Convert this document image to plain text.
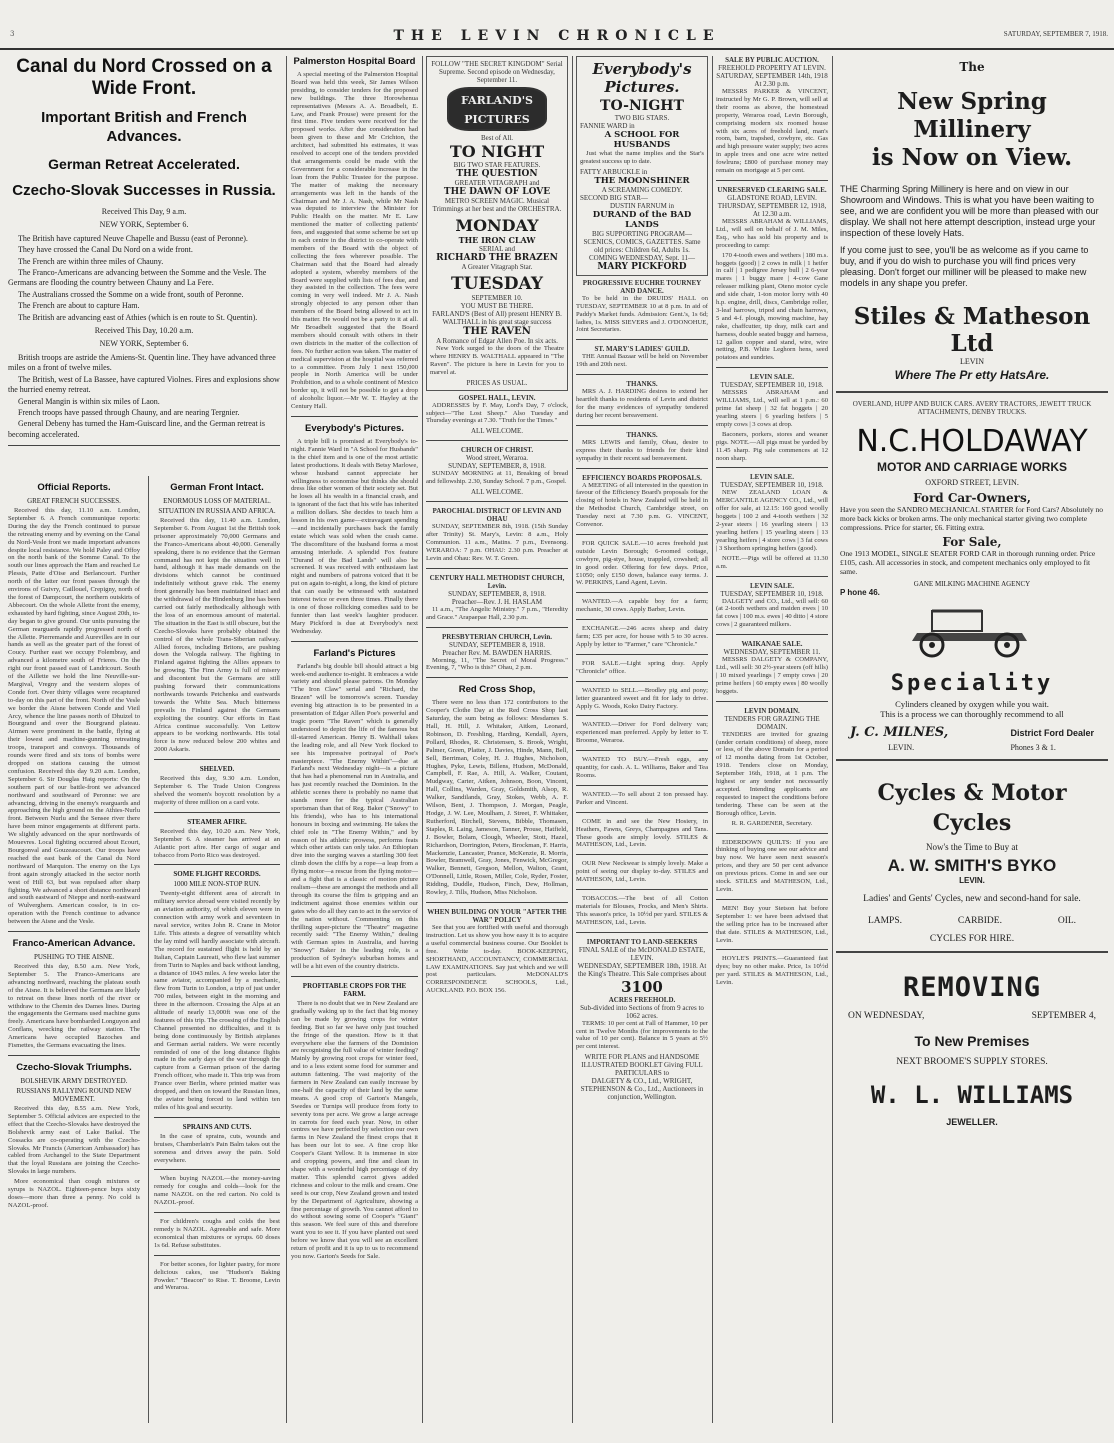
3	THE LEVIN CHRONICLE	SATURDAY, SEPTEMBER 7, 1918.
Canal du Nord Crossed on a Wide Front.
Important British and French Advances.
German Retreat Accelerated.
Czecho-Slovak Successes in Russia.

Received This Day, 9 a.m.

NEW YORK, September 6.

The British have captured Neuve Chapelle and Bussu (east of Peronne).

They have crossed the Canal Du Nord on a wide front.

The French are within three miles of Chauny.

The Franco-Americans are advancing between the Somme and the Vesle. The Germans are flooding the country between Chauny and La Fere.

The Australians crossed the Somme on a wide front, south of Peronne.

The French are about to capture Ham.

The British are advancing east of Athies (which is en route to St. Quentin).

Received This Day, 10.20 a.m.

NEW YORK, September 6.

British troops are astride the Amiens-St. Quentin line. They have advanced three miles on a front of twelve miles.

The British, west of La Bassee, have captured Violnes. Fires and explosions show the hurried enemy retreat.

General Mangin is within six miles of Laon.

French troops have passed through Chauny, and are nearing Tergnier.

General Debeny has turned the Ham-Guiscard line, and the German retreat is becoming accelerated.

Official Reports.
GREAT FRENCH SUCCESSES.

Received this day, 11.10 a.m. London, September 6. A French communique reports: During the day the French continued to pursue the retreating enemy and by evening on the Canal du Nord-Vesle front we made important advances despite local resistance. We hold Paley and Offoy on the north bank of the Somme Canal. To the south our lines approach the Ham and reached Le Plessis, Patte d'Oise and Berlancourt. Further north of the latter our front passes through the environs of Guivry, Caillouel, Crepigny, north of the forest of Dampcourt, the northern outskirts of Abbecourt. On the whole Allette front the enemy, exhausted by hard fighting, since August 20th, to-day began to give ground. Our units pursuing the German rearguards rapidly progressed north of the Allette. Pierremande and Aurevilles are in our hands as well as the greater part of the forest of Coucy. Further east we occupy Folembray, and advanced a kilometre south of Frieres. On the right our front passed east of Landricourt. South of the Aillette we hold the line Neuville-sur-Margival, Vregny and the western slopes of Conde fort. Over thirty villages were recaptured to-day on this part of the front. North of the Vesle we border the Aisne between Conde and Vieil Arcy, whence the line passes north of Dhuizel to Bourgrand and over the Bourgrand plateau. Airmen were prominent in the battle, flying at their lowest and machine-gunning retreating troops, transport and convoys. Thousands of rounds were fired and six tons of bombs were dropped on stations causing the utmost confusion. Received this day 9.20 a.m. London, September 6. Sir Douglas Haig reports: On the southern part of our battle-front we advanced northward and southward of Peronne: we are advancing, driving in the enemy's rearguards and approaching the high ground on the Athies-Nurlu front. Between Nurlu and the Sensee river there have been minor engagements at different parts. We slightly advanced on the spur northwards of Mouevres. Local fighting occurred about Ecourt, Bourgonval and Gouzeaucourt. Our troops have reached the east bank of the Canal du Nord northward of Marquion. The enemy on the Lys front again strongly attacked in the sector north west of Hill 63, but was repulsed after sharp fighting. We advanced a short distance northward and south eastward of Nieppe and north-eastward of Wulverghem. American cosslor, is in co-operation with the French continue to advance between the Aisne and the Vesle.

Franco-American Advance.
PUSHING TO THE AISNE.

Received this day, 8.50 a.m. New York, September 5. The Franco-Americans are advancing northward, reaching the plateau south of the Aisne. It is believed the Germans are likely to retreat on these lines north of the river or withdraw to the Chemin des Dames lines. During the engagements the Germans used machine guns freely. Americans have bombarded Longuyon and Conflans, wrecking the railway station. The Americans have occupied Bazoches and Fismettes, the Germans evacuating the lines.

Czecho-Slovak Triumphs.
BOLSHEVIK ARMY DESTROYED.
RUSSIANS RALLYING ROUND NEW MOVEMENT.

Received this day, 8.55 a.m. New York, September 5. Official advices are expected to the effect that the Czecho-Slovaks have destroyed the Bolshevik army east of Lake Baikal. The Cossacks are co-operating with the Czecho-Slovaks. Mr Francis (American Ambassador) has cabled from Archangel to the State Department that the loyal Russians are joining the Czecho-Slovaks in large numbers.

More economical than cough mixtures or syrups is NAZOL. Eighteen-pence buys sixty doses—more than three a penny. No cold is NAZOL-proof.

German Front Intact.
ENORMOUS LOSS OF MATERIAL.
SITUATION IN RUSSIA AND AFRICA.

Received this day, 11.40 a.m. London, September 6. From August 1st the British took prisoner approximately 70,000 Germans and the Franco-Americans about 40,000. Generally speaking, there is no evidence that the German command has not kept the situation well in hand, although it has made demands on the divisions which cannot be continued indefinitely without grave risk. The enemy front generally has been maintained intact and the withdrawal of the Hindenburg line has been carried out fairly methodically although with the loss of an enormous amount of material. The situation in the East is still obscure, but the Czecho-Slovaks have probably obtained the control of the whole Trans-Siberian railway. Allied forces, including Britons, are pushing down the Vologda railway. The fighting in Finland against fighting the Allies appears to be growing. The Finn Army is full of misery and discontent but the Germans are still pushing forward their communications northwards towards Petchenka and eastwards towards the White Sea. Much bitterness prevails in Finland against the Germans exploiting the country. Our efforts in East Africa continue successfully. Von Lettow appears to be working northwards. His total force is now reduced below 200 whites and 2000 Askaris.

SHELVED.

Received this day, 9.30 a.m. London, September 6. The Trade Union Congress shelved the women's boycott resolution by a majority of three million on a card vote.

STEAMER AFIRE.

Received this day, 10.20 a.m. New York, September 6. A steamer has arrived at an Atlantic port afire. Her cargo of sugar and tobacco from Porto Rico was destroyed.

SOME FLIGHT RECORDS.
1000 MILE NON-STOP RUN.

Twenty-eight different area of aircraft in military service abroad were visited recently by an aviation authority, of which eleven were in connection with army work and seventeen in naval service, writes John R. Crane in Motor Life. This attests a degree of versatility which the lay mind will hardly associate with aircraft. The record for sustained flight is held by an Italian, Captain Laureati, who flew last summer from Turin to Naples and back without landing, a distance of 1043 miles. A few weeks later the same aviator, accompanied by a mechanic, flew from Turin to London, a trip of just under 700 miles, between eight in the morning and three in the afternoon. Crossing the Alps at an altitude of nearly 13,000ft was one of the features of this trip. The crossing of the English Channel presented no difficulties, and it is being done continuously by British airplanes and German aerial raiders. We were recently reminded of one of the long distance flights made in the early days of the war through the capture from a German prison of the daring French officer, who made it. This trip was from France over Berlin, where printed matter was dropped, and then on toward the Russian lines, the aviator being forced to land within ten miles of his goal and security.

SPRAINS AND CUTS.

In the case of sprains, cuts, wounds and bruises, Chamberlain's Pain Balm takes out the soreness and drives away the pain. Sold everywhere.

When buying NAZOL—the money-saving remedy for coughs and colds—look for the name NAZOL on the red carton. No cold is NAZOL-proof.

For children's coughs and colds the best remedy is NAZOL. Agreeable and safe. More economical than mixtures or syrups. 60 doses 1s 6d. Refuse substitutes.

For better scones, for lighter pastry, for more delicious cakes, use "Hudson's Baking Powder." "Beacon" to Rise. T. Broome, Levin and Weraroa.

Palmerston Hospital Board

A special meeting of the Palmerston Hospital Board was held this week, Sir James Wilson presiding, to consider tenders for the proposed new buildings. The three Horowhenua representatives (Messrs A. A. Broadbelt, E. Law, and Frank Prouse) were present for the first time. Five tenders were received for the proposed works. After due consideration had been given to these and Mr Crichton, the architect, had submitted his estimates, it was resolved to accept one of the tenders provided that arrangements could be made with the Government for a considerable increase in the loan from the Public Trustee for the purpose. The matter of making the necessary arrangements was left in the hands of the Chairman and Mr J. A. Nash, while Mr Nash was deputed to interview the Minister for Public Health on the matter. Mr E. Law mentioned the matter of collecting patients' fees, and suggested that some scheme be set up in each centre in the district to co-operate with members of the Board with the object of collecting the fees wherever possible. The Chairman said that the Board had already adopted a system, whereby members of the Board were supplied with lists of fees due, and they assisted in the collection. The fees were coming in very well indeed. Mr J. A. Nash strongly objected to any person other than members of the Board being allowed to act in this matter. He would not be a party to it at all. Mr Broadbelt suggested that the Board members should consult with others in their own districts in the matter of the collection of fees. No further action was taken. The matter of medical supervision at the hospital was referred to a committee. From July 1 next 150,000 people in North America will be under Prohibition, and to a whole continent of Mexico border up, it will not be possible to get a drop of alcoholic liquor.—Mr W. T. Hayley at the Century Hall.

Everybody's Pictures.

A triple bill is promised at Everybody's to-night. Fannie Ward in "A School for Husbands" is the chief item and is one of the most artistic latest productions. It deals with Betsy Marlowe, whose husband cannot appreciate her willingness to economise but thinks she should dress like other women of their society set. But he loses all his wealth in a financial crash, and is ignorant of the fact that his wife has inherited a million dollars. She decides to teach him a lesson in his own game—extravagant spending—and incidentally purchases back the family estate which was sold when the crash came. The discomfiture of the husband forms a most amusing interlude. A splendid Fox feature "Durand of the Bad Lands" will also be screened. It was received with enthusiasm last night and numbers of patrons voiced that it be put on again to-night, a long, the kind of picture that can easily be witnessed with sustained interest twice or even three times. Finally there is one of those rollicking comedies said to be funnier than last week's laughter producer. Mary Pickford is due at Everybody's next Wednesday.

Farland's Pictures

Farland's big double bill should attract a big week-end audience to-night. It embraces a wide variety and should please patrons. On Monday "The Iron Claw" serial and "Richard, the Brazen" will be tomorrow's screen. Tuesday evening big attraction is to be presented in a presentation of Edgar Allen Poe's powerful and tragic poem "The Raven" which is generally understood to depict the life of the famous but ill-starred American. Henry B. Walthall takes the leading role, and all New York flocked to see his impressive portrayal of Poe's masterpiece. "The Enemy Within"—due at Farland's next Wednesday night—is a picture that has had a phenomenal run in Australia, and has just recently reached the Dominion. In the athletic scenes there is probably no name that stands more for the typical Australian sportsman than that of Reg. Baker ("Snowy" to his friends), who has to his international honours in boxing and swimming. He takes the chief role in "The Enemy Within," and by reason of his athletic prowess, performs feats which other artists can only take. An Ethiopian dive into the surging waves a startling 300 feet climb down the cliffs by a rope—a leap from a flying motor—a rescue from the flying motor—and a fight that is a classic of motion picture realism—these are amongst the methods and all through its course the film is gripping and an indictment against those enemies within our gates who do all they can to act in the service of the nation without. Commenting on this thrilling super-picture the "Theatre" magazine recently said: "The Enemy Within," dealing with German spies in Australia, and having "Snowy" Baker in the leading role, is a production of Sydney's suburban homes and will be a hit even of the country districts.

PROFITABLE CROPS FOR THE FARM.

There is no doubt that we in New Zealand are gradually waking up to the fact that big money can be made by growing crops for winter feeding. But so far we have only just touched the fringe of the question. How is it that everywhere else the farmers of the Dominion are recognising the full value of winter feeding? Mainly by growing root crops for winter feed, and to a less extent some food for summer and autumn fattening. The vast majority of the farmers in New Zealand can easily increase by one-half the capacity of their land by the same means. A good crop of Garton's Mangels, Swedes or Turnips will produce from forty to seventy tons per acre. We grow a large acreage in carrots for feed each year. Now, in other centres we have perfected by selection our own farms in New Zealand the finest crops that it has been our lot to see. A fine crop like Cooper's Giant Yellow. It is immense in size and cropping powers, and fine and clean in shape with a wonderful high percentage of dry matter. This splendid carrot gives added richness and colour to the milk and cream. One seed is our crop, New Zealand grown and tested by the Department of Agriculture, showing a fine percentage of growth. You cannot afford to do without sowing some of Cooper's "Giant" this season. We feel sure of this and therefore want you to see it. If you have planted out seed before we know that you will see an excellent return of profit and it is up to us to recommend you now. Garton's Seeds for Sale.

FOLLOW "THE SECRET KINGDOM" Serial Supreme. Second episode on Wednesday, September 11.
FARLAND'S
PICTURES
Best of All.
TO NIGHT
BIG TWO STAR FEATURES.
THE QUESTION
GREATER VITAGRAPH and
THE DAWN OF LOVE
METRO SCREEN MAGIC. Musical Trimmings at her best and the ORCHESTRA.
MONDAY
THE IRON CLAW
SERIAL and
RICHARD THE BRAZEN
A Greater Vitagraph Star.
TUESDAY
SEPTEMBER 10.
YOU MUST BE THERE.
FARLAND'S (Best of All) present HENRY B. WALTHALL in his great stage success
THE RAVEN
A Romance of Edgar Allen Poe. In six acts.

New York surged to the doors of the Theatre where HENRY B. WALTHALL appeared in "The Raven". The picture is here in Levin for you to marvel at.

PRICES AS USUAL.
GOSPEL HALL, LEVIN.

ADDRESSES by F. May, Lord's Day, 7 o'clock, subject—"The Lost Sheep." Also Tuesday and Thursday evenings at 7.30. "Truth for the Times."

ALL WELCOME.
CHURCH OF CHRIST.
Wood street, Weraroa.
SUNDAY, SEPTEMBER, 8, 1918.

SUNDAY MORNING at 11, Breaking of bread and fellowship. 2.30, Sunday School. 7 p.m., Gospel.

ALL WELCOME.
PAROCHIAL DISTRICT OF LEVIN AND OHAU

SUNDAY, SEPTEMBER 8th, 1918. (15th Sunday after Trinity) St. Mary's, Levin: 8 a.m., Holy Communion. 11 a.m., Matins. 7 p.m., Evensong. WERAROA: 7 p.m. OHAU: 2.30 p.m. Preacher at Levin and Ohau: Rev. W. T. Green.

CENTURY HALL METHODIST CHURCH, Levin.
SUNDAY, SEPTEMBER, 8, 1918.
Preacher—Rev. J. H. HASLAM

11 a.m., "The Angelic Ministry." 7 p.m., "Heredity and Grace." Arapaepae Hall, 2.30 p.m.

PRESBYTERIAN CHURCH, Levin.
SUNDAY, SEPTEMBER 8, 1918.
Preacher Rev. M. BAWDEN HARRIS.

Morning, 11, "The Secret of Moral Progress." Evening, 7, "Who is this?" Ohau, 2 p.m.

Red Cross Shop,

There were no less than 172 contributors to the Cooper's Clothe Day at the Red Cross Shop last Saturday, the sum being as follows: Mesdames S. Hall, H. Hill, J. Whitaker, Aitken, Leonard, Robinson, D. Freshling, Harding, Kendall, Ayers, Pollard, Rhodes, R. Christensen, S. Brook, Wright, Palmer, Green, Platter, J. Davies, Hinde, Mann, Bell, Sell, Berriman, Coley, H. J. Hughes, Nicholson, Hughes, Pyke, Lewis, Billens, Hudson, McDonald, Campbell, F. Rae, A. Hill, A. Walker, Coutant, Mudgway, Carter, Aitken, Johnson, Boon, Vincent, Hall, Collins, Warden, Gray, Goldsmith, Alsop, R. Walker, Sandilands, Gray, Stokes, Webb, A. F. Wilson, Bent, J. Thompson, J. Morgan, Peagle, Hodge, J. W. Lee, Moulham, J. Street, F. Whittaker, Rutherford, Birchell, Stevens, Bibble, Thomasen, Staples, R. Laing, Jameson, Tanner, Prouse, Hatfield, J. Bowler, Bolam, Clough, Wheeler, Stott, Hazel, Richardson, Dorrington, Peters, Brockman, F. Harris, Mackenzie, Lancaster, Prance, McKenzie, R. Morris, Bowler, Bramwell, Gray, Jones, Fenwick, McGregor, Walker, Bennett, Gregson, Mellon, Walton, Grant, O'Donnell, Little, Rosen, Miller, Cole, Ryder, Foster, Ridding, Duddle, Hudson, Finch, Dew, Hollman, Rowley, J. Tills, Hudson, Miss Nicholson.

WHEN BUILDING ON YOUR "AFTER THE WAR" POLICY

See that you are fortified with useful and thorough instruction. Let us show you how easy it is to acquire a useful commercial business course. Our Booklet is free. Write to-day. BOOK-KEEPING, SHORTHAND, ACCOUNTANCY, COMMERCIAL LAW EXAMINATIONS. Say just which and we will post particulars. McDONALD'S CORRESPONDENCE SCHOOLS, Ltd., AUCKLAND. P.O. BOX 156.

Everybody's
Pictures.
TO-NIGHT
TWO BIG STARS.
FANNIE WARD in
A SCHOOL FOR HUSBANDS

Just what the name implies and the Star's greatest success up to date.

FATTY ARBUCKLE in
THE MOONSHINER
A SCREAMING COMEDY.
SECOND BIG STAR—
DUSTIN FARNUM in
DURAND of the BAD LANDS
BIG SUPPORTING PROGRAM— SCENICS, COMICS, GAZETTES. Same old prices: Children 6d, Adults 1s.
COMING WEDNESDAY, Sept. 11—
MARY PICKFORD
PROGRESSIVE EUCHRE TOURNEY AND DANCE.

To be held in the DRUIDS' HALL on TUESDAY, SEPTEMBER 10 at 8 p.m. In aid of Paddy's Market funds. Admission: Gent.'s, 1s 6d; ladies, 1s. MISS SIEVERS and J. O'DONOHUE, Joint Secretaries.

ST. MARY'S LADIES' GUILD.

THE Annual Bazaar will be held on November 19th and 20th next.

THANKS.

MRS A. J. HARDING desires to extend her heartfelt thanks to residents of Levin and district for the many evidences of sympathy tendered during her recent bereavement.

THANKS.

MRS LEWIS and family, Ohau, desire to express their thanks to friends for their kind sympathy in their recent sad bereavement.

EFFICIENCY BOARDS PROPOSALS.

A MEETING of all interested in the question in favour of the Efficiency Board's proposals for the closing of hotels in New Zealand will be held in the Methodist Church, Cambridge street, on Tuesday next at 7.30 p.m. G. VINCENT, Convenor.

FOR QUICK SALE.—10 acres freehold just outside Levin Borough; 6-roomed cottage, cowbyre, pig-stye, house, trappled, cowshed; all in good order. Offering for few days. Price, £1050; only £150 down, balance easy terms. J. W. PERKINS, Land Agent, Levin.

WANTED.—A capable boy for a farm; mechanic, 30 cows. Apply Barber, Levin.

EXCHANGE.—246 acres sheep and dairy farm; £35 per acre, for house with 5 to 30 acres. Apply by letter to "Farmer," care "Chronicle."

FOR SALE.—Light spring dray. Apply "Chronicle" office.

WANTED to SELL.—Brodley pig and pony; letter guaranteed sweet and fit for lady to drive. Apply G. Woods, Koko Dairy Factory.

WANTED.—Driver for Ford delivery van; experienced man preferred. Apply by letter to T. Broome, Weraroa.

WANTED TO BUY.—Fresh eggs, any quantity, for cash. A. L. Williams, Baker and Tea Rooms.

WANTED.—To sell about 2 ton pressed hay. Parker and Vincent.

COME in and see the New Hosiery, in Heathers, Fawns, Greys, Champagnes and Tans. These goods are simply lovely. STILES & MATHESON, Ltd., Levin.

OUR New Neckwear is simply lovely. Make a point of seeing our display to-day. STILES and MATHESON, Ltd., Levin.

TOBACCOS.—The best of all Cotton materials for Blouses, Frocks, and Men's Shirts. This season's price, 1s 10½d per yard. STILES & MATHESON, Ltd., Levin.

IMPORTANT TO LAND-SEEKERS
FINAL SALE of the McDONALD ESTATE, LEVIN.
WEDNESDAY, SEPTEMBER 18th, 1918. At the King's Theatre. This Sale comprises about
3100
ACRES FREEHOLD.
Sub-divided into Sections of from 9 acres to 1062 acres.

TERMS: 10 per cent at Fall of Hammer, 10 per cent in Twelve Months (for improvements to the value of 10 per cent). Balance in 5 years at 5½ per cent interest.

WRITE FOR PLANS and HANDSOME ILLUSTRATED BOOKLET Giving FULL PARTICULARS to
DALGETY & CO., Ltd., WRIGHT, STEPHENSON & Co., Ltd., Auctioneers in conjunction, Wellington.
SALE BY PUBLIC AUCTION.
FREEHOLD PROPERTY AT LEVIN.
SATURDAY, SEPTEMBER 14th, 1918 At 2.30 p.m.

MESSRS PARKER & VINCENT, instructed by Mr G. P. Brown, will sell at their rooms as above, the homestead property, Weraroa road, Levin Borough, comprising modern six roomed house with six acres of freehold land, man's room, barn, trapshed, cowbyre, etc. Gas and high pressure water supply; two acres in apple trees and one acre wire netted fowlruns; £800 of purchase money may remain on mortgage at 5 per cent.

UNRESERVED CLEARING SALE.
GLADSTONE ROAD, LEVIN.
THURSDAY, SEPTEMBER 12, 1918, At 12.30 a.m.

MESSRS ABRAHAM & WILLIAMS, Ltd., will sell on behalf of J. M. Miles, Esq., who has sold his property and is proceeding to camp:

170 4-tooth ewes and wethers | 180 m.s. hoggets (good) | 2 cows in milk | 1 heifer in calf | 1 pedigree Jersey bull | 2 6-year mares | 1 buggy mare | 4-cow Gane releaser milking plant, Oteno motor cycle and side chair, 1-ton motor lorry with 40 h.p. engine, drill, discs, Cambridge roller, 3-leaf harrows, tripod and chain harrows, 5 and 4-f. plough, mowing machine, hay rake, chaffcutter, tip dray, milk cart and harness, double seated buggy and harness, 12 gallon copper and stand, wire, wire netting, P.B. White Leghorn hens, seed potatoes and sundries.

LEVIN SALE.
TUESDAY, SEPTEMBER 10, 1918.

MESSRS ABRAHAM and WILLIAMS, Ltd., will sell at 1 p.m.: 60 prime fat sheep | 32 fat hoggets | 20 yearling steers | 6 yearling heifers | 5 empty cows | 3 cows at drop.

Baconers, porkers, stores and weaner pigs. NOTE.—All pigs must be yarded by 11.45 sharp. Pig sale commences at 12 noon sharp.

LEVIN SALE.
TUESDAY, SEPTEMBER 10, 1918.

NEW ZEALAND LOAN & MERCANTILE AGENCY CO., Ltd., will offer for sale, at 12.15: 160 good woolly hoggets | 100 2 and 4-tooth wethers | 32 2-year steers | 16 yearling steers | 13 yearling heifers | 15 yearling steers | 13 yearling heifers | 4 store cows | 3 fat cows | 3 Shorthorn springing heifers (good).

NOTE.—Pigs will be offered at 11.30 a.m.

LEVIN SALE.
TUESDAY, SEPTEMBER 10, 1918.

DALGETY and CO., Ltd., will sell: 60 (at 2-tooth wethers and maiden ewes | 10 fat cows | 100 m.s. ewes | 40 ditto | 4 store cows | 2 guaranteed milkers.

WAIKANAE SALE.
WEDNESDAY, SEPTEMBER 11.

MESSRS DALGETY & COMPANY, Ltd., will sell: 30 2½-year steers (off hills) | 10 mixed yearlings | 7 empty cows | 20 prime heifers | 60 empty ewes | 80 woolly hoggets.

LEVIN DOMAIN.
TENDERS FOR GRAZING THE DOMAIN.

TENDERS are invited for grazing (under certain conditions) of sheep, more or less, of the above Domain for a period of 12 months dating from 1st October, 1918. Tenders close on Monday, September 16th, 1918, at 1 p.m. The highest or any tender not necessarily accepted. Intending applicants are requested to inspect the conditions before tendering. These can be seen at the Borough office, Levin.

R. R. GARDENER, Secretary.

EIDERDOWN QUILTS: If you are thinking of buying one see our advice and buy now. We have seen next season's prices, and they are 50 per cent advance on previous prices. Come in and see our stock. STILES and MATHESON, Ltd., Levin.

MEN! Buy your Stetson hat before September 1: we have been advised that the selling price has to be increased after that date. STILES & MATHESON, Ltd., Levin.

HOYLE'S PRINTS.—Guaranteed fast dyes; buy no other make. Price, 1s 10½d per yard. STILES & MATHESON, Ltd., Levin.

The
New Spring Millinery
is Now on View.
THE Charming Spring Millinery is here and on view in our Showroom and Windows. This is what you have been waiting to see, and we are confident you will be more than pleased with our display. We shall not here attempt description, instead urge your inspection of these lovely Hats.
If you come just to see, you'll be as welcome as if you came to buy, and if you do wish to purchase you will find prices very pleasing. Don't forget our milliner will be pleased to make new models in any shape you prefer.
Stiles & Matheson Ltd
LEVIN
Where The Pr etty HatsAre.
OVERLAND, HUPP AND BUICK CARS. AVERY TRACTORS, JEWETT TRUCK ATTACHMENTS, DENBY TRUCKS.
N.C.HOLDAWAY
MOTOR AND CARRIAGE WORKS
OXFORD STREET, LEVIN.
Ford Car-Owners,
Have you seen the SANDRO MECHANICAL STARTER for Ford Cars? Absolutely no more back kicks or broken arms. The only mechanical starter giving two complete compressions. Price for starter, £6. Fitting extra.
For Sale,
One 1913 MODEL, SINGLE SEATER FORD CAR in thorough running order. Price £105, cash. All accessories in stock, and competent mechanics only employed to fit same.
GANE MILKING MACHINE AGENCY
P hone 46.
Speciality
Cylinders cleaned by oxygen while you wait.
This is a process we can thoroughly recommend to all
J. C. MILNES,	District Ford Dealer
LEVIN.	Phones 3 & 1.
Cycles & Motor Cycles
Now's the Time to Buy at
A. W. SMITH'S BYKO
LEVIN.
Ladies' and Gents' Cycles, new and second-hand for sale.
LAMPS.	CARBIDE.	OIL.
CYCLES FOR HIRE.
REMOVING
ON WEDNESDAY,	SEPTEMBER 4,
To New Premises
NEXT BROOME'S SUPPLY STORES.
W. L. WILLIAMS
JEWELLER.
